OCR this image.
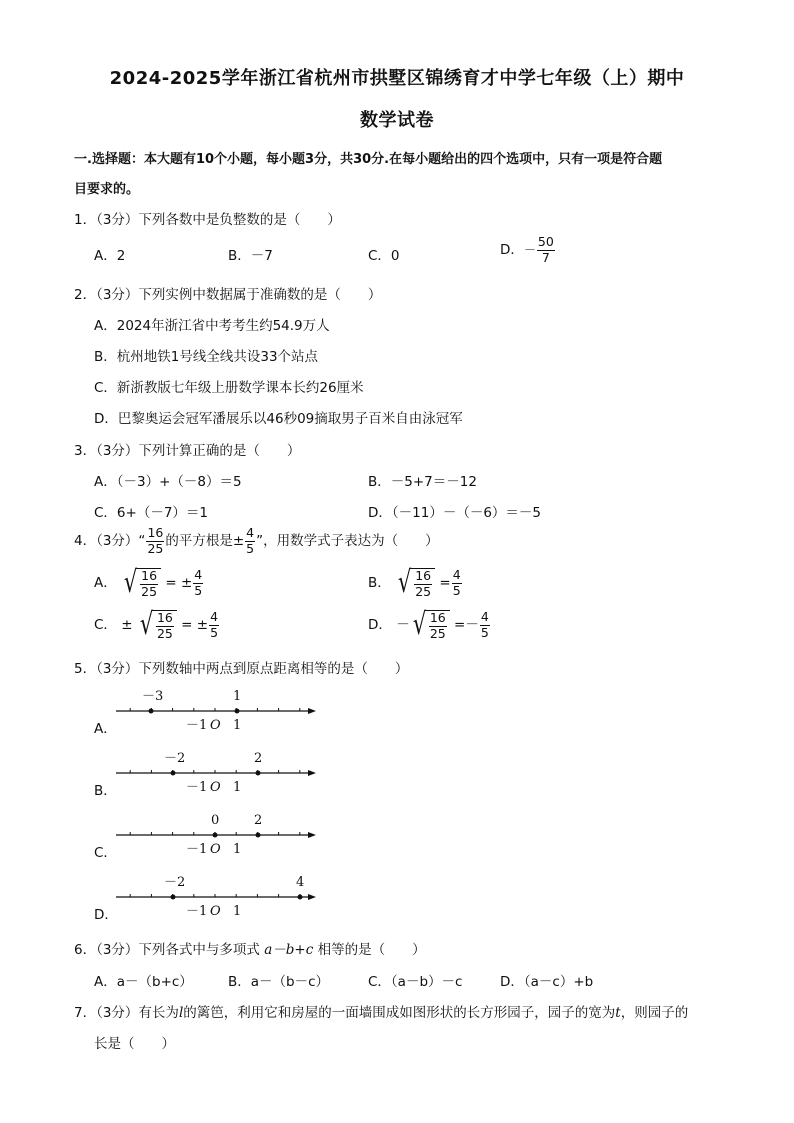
2024-2025学年浙江省杭州市拱墅区锦绣育才中学七年级（上）期中
数学试卷
一.选择题：本大题有10个小题，每小题3分，共30分.在每小题给出的四个选项中，只有一项是符合题
目要求的。
1．（3分）下列各数中是负整数的是（　　）
A．2	B．－7	C．0	D．－ $\frac{50}{7}$
2．（3分）下列实例中数据属于准确数的是（　　）
A．2024年浙江省中考考生约54.9万人
B．杭州地铁1号线全线共设33个站点
C．新浙教版七年级上册数学课本长约26厘米
D．巴黎奥运会冠军潘展乐以46秒09摘取男子百米自由泳冠军
3．（3分）下列计算正确的是（　　）
A．（－3）+（－8）＝5	B．－5+7＝－12
C．6+（－7）＝1	D．（－11）－（－6）＝－5
4．（3分）“ $\frac{16}{25}$ 的平方根是± $\frac{4}{5}$ ”，用数学式子表达为（　　）
A． √ $\frac{16}{25}$ = ± $\frac{4}{5}$	B． √ $\frac{16}{25} = \frac{4}{5}$
C． ± √ $\frac{16}{25}$ = ± $\frac{4}{5}$	D． － √ $\frac{16}{25} =- \frac{4}{5}$
5．（3分）下列数轴中两点到原点距离相等的是（　　）
A．
－3	1
－1 O 1
B．
－2	2
－1 O 1
C．
0	2
－1 O 1
D．
－2	4
－1 O 1
6．（3分）下列各式中与多项式 a－b+c 相等的是（　　）
A．a－（b+c）	B．a－（b－c）	C．（a－b）－c	D．（a－c）+b
7．（3分）有长为l的篱笆，利用它和房屋的一面墙围成如图形状的长方形园子，园子的宽为t，则园子的
长是（　　）
